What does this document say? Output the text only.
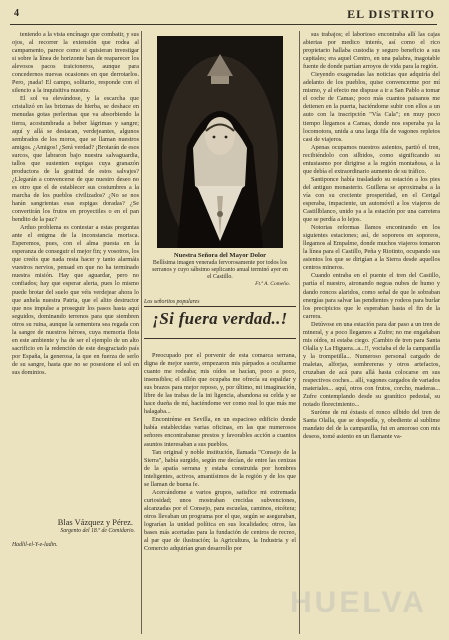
4	EL DISTRITO

teniendo a la vista encínago que combatir, y sus ojos, al recorrer la extensión que rodea al campamento, parece como si quisieran investigar si sobre la línea de horizonte han de reaparecer los alevosos pacos traicioneros, aunque para concedernos nuevas ocasiones en que derrotarlos. Pero, ¡nada! El campo, solitario, responde con el silencio a la inquisitiva nuestra.

El sol va elevándose, y la escarcha que cristalizó en las brizmas de hierba, se deshace en menudas gotas perlerinas que va absorbiendo la tierra, acostumbrada a beber lágrimas y sangre; aquí y allá se destacan, verdejeantes, algunos sembrados de los moros, que se llaman nuestros amigos. ¿Amigos! ¿Será verdad? ¡Brotarán de esos surcos, que labraron bajo nuestra salvaguardia, tallos que sustenten espigas cuya granazón productora de la gratitud de estos salvajes? ¿Llegarán a convencerse de que nuestro deseo no es otro que el de establecer sus costumbres a la marcha de los pueblos civilizados? ¿No se nos harán sangrientas esas espigas doradas? ¿Se convertirán los frutos en proyectiles o en el pan bendito de la paz?

Arduo problema es contestar a estas preguntas ante el enigma de la inconstancia morisca. Esperemos, pues, con el alma puesta en la esperanza de conseguir el mejor fin; y vosotros, los que creéis que nada resta hacer y tanto alarmáis vuestros nervios, pensad en que no ha terminado nuestra misión. Hay que aguardar, pero no confiados; hay que esperar alerta, pues lo mismo puede brotar del suelo que véis verdejear ahora lo que anhela nuestra Patria, que el alito destructor que nos impulse a proseguir los pasos hasta aquí seguidos, dominando terrenos para que siembren otros su ruina, aunque la sementera sea regada con la sangre de nuestros héroes, cuya memoria flota en este ambiente y ha de ser el ejemplo de un alto sacrificio en la redención de este desgraciado país por España, la generosa, la que en fuerza de serlo de su sangre, hasta que no se posesione el sol en sus dominios.

Blas Vázquez y Pérez.
Sargento del 18.º de Comidario.
Hadlil-el-Y-e-ladin.
Nuestra Señora del Mayor Dolor
Bellísima imagen venerada fervorosamente por todos los serranos y cuyo sábsimo seplicanto anual terminó ayer en el Castillo.
Ft.ª A. Comeño.
Los señoritos populares
¡Si fuera verdad..!

Preocupado por el porvenir de esta comarca serrana, digna de mejor suerte, empezaron mis párpados a ocultarme cuanto me rodeaba; mis oídos se hacían, poco a poco, insensibles; el sillón que ocupaba me ofrecía su espaldar y sus brazos para mejor reposo, y, por último, mi imaginación, libre de las trabas de la ini ligencia, abandona su celda y se hace dueña de mí, haciéndome ver como real lo que más me halagaba...

Encontréme en Sevilla, en un espacioso edificio donde había establecidas varias oficinas, en las que numerosos señores encontrabanse prestos y favorables acción a cuantos asuntos interesaban a sus pueblos.

Tan original y noble institución, llamada "Consejo de la Sierra", había surgido, según me decían, de entre las cenizas de la apatía serrana y estaba construida por hombres inteligentes, activos, amantísimos de la región y de los que se llaman de buena fe.

Acercándome a varios grupos, satisfice mi extremada curiosidad; unos mostraban crecidas subvenciones, alcanzadas por el Consejo, para escuelas, caminos, etcétera; otros llevaban un programa por el que, según se aseguraban, lograrían la unidad política en sus localidades; otros, las bases más acertadas para la fundación de centros de recreo, al par que de ilustración; la Agricultura, la Industria y el Comercio adquirían gran desarrollo por

sus trabajos; el laborioso encontraba allí las cajas abiertas por medico interés, así como el rico propietario hallaba custodia y seguro beneficio a sus capitales; era aquel Centro, en una palabra, inagotable fuente de donde partían arroyos de vida para la región.

Cieyendo exageradas las noticias que adquiría del adelanto de los pueblos, quise convencerme por mí mismo, y al efecto me dispuse a ir a San Pablo a tomar el coche de Camas; poco más cuantos paisanos me detienen en la puerta, haciéndome subir con ellos a un auto con la inscripción "Vía Cala"; en muy poco tiempo llegamos a Camas, donde nos esperaba ya la locomotora, unida a una larga fila de vagones repletos casi de viajeros.

Apenas ocupamos nuestros asientos, partió el tren, recibiéndolo con silbidos, como significando su entusiasmo por dirigirse a la región montañosa, a la que debía el extraordinario aumento de su tráfico.

Santiponce había trasladado su estación a los pies del antiguo monasterio. Guillena se aproximaba a la vía con su creciente prosperidad, en el Cerigal esperaba, impaciente, un automóvil a los viajeros de Castillblanco, unido ya a la estación por una carretera que se perdía a lo lejos.

Notorias reformas llamos encontrando en los siguientes estaciones; así, de soporeos en soporeos, llegamos al Empalme, donde muchos viajeros tomaron la línea para el Castillo, Peña y Riotinto, ocupando sus asientos los que se dirigían a la Sierra desde aquellos centros mineros.

Cuando entraba en el puente el tren del Castillo, partía el nuestro, atronando negras nubes de humo y dando roncos alaridos, como señal de que le sobraban energías para salvar las pendientes y rodeos para burlar los precipicios que le esperaban hasta el fin de la carrera.

Detúvose en una estación para dar paso a un tren de mineral, y a poco llegamos a Zufre; no me engañaban mis oídos, ni estaba ciego. ¡Cambio de tren para Santa Olalla y La Higuera...a...!!, vociaba el de la campanilla y la trompetilla... Numeroso personal cargado de maletas, alforjas, sombrereras y otros artefactos, cruzaban de acá para allá hasta colocarse en sus respectivos coches... allí, vagones cargados de variados materiales... aquí, otros con frutos, corcho, maderas... Zufre contemplando desde su granítico pedestal, su notado florecimiento...

Suróme de mi éxtasis el ronco silbido del tren de Santa Olalla, que se despedía, y, obediente al sublime mandato del de la campanilla, fui en amoroso con mis deseos, tomé asiento en un flamante va-

HUELVA
